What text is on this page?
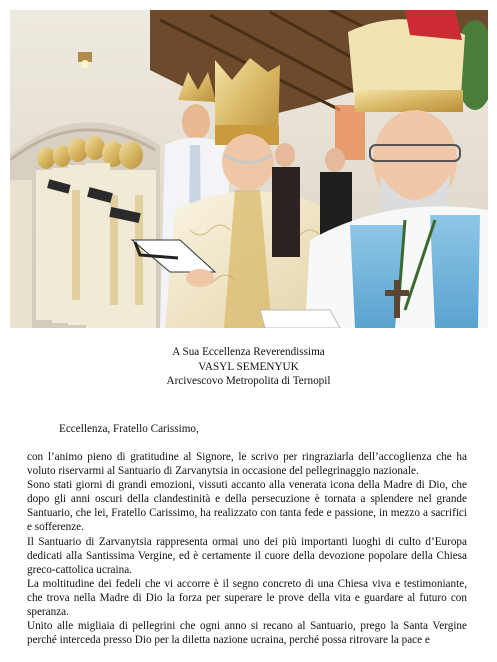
A Sua Eccellenza Reverendissima
VASYL SEMENYUK
Arcivescovo Metropolita di Ternopil

Eccellenza, Fratello Carissimo,

con l’animo pieno di gratitudine al Signore, le scrivo per ringraziarla dell’accoglienza che ha voluto riservarmi al Santuario di Zarvanytsia in occasione del pellegrinaggio nazionale.

Sono stati giorni di grandi emozioni, vissuti accanto alla venerata icona della Madre di Dio, che dopo gli anni oscuri della clandestinità e della persecuzione è tornata a splendere nel grande Santuario, che lei, Fratello Carissimo, ha realizzato con tanta fede e passione, in mezzo a sacrifici e sofferenze.

Il Santuario di Zarvanytsia rappresenta ormai uno dei più importanti luoghi di culto d’Europa dedicati alla Santissima Vergine, ed è certamente il cuore della devozione popolare della Chiesa greco-cattolica ucraina.

La moltitudine dei fedeli che vi accorre è il segno concreto di una Chiesa viva e testimoniante, che trova nella Madre di Dio la forza per superare le prove della vita e guardare al futuro con speranza.

Unito alle migliaia di pellegrini che ogni anno si recano al Santuario, prego la Santa Vergine perché interceda presso Dio per la diletta nazione ucraina, perché possa ritrovare la pace e
